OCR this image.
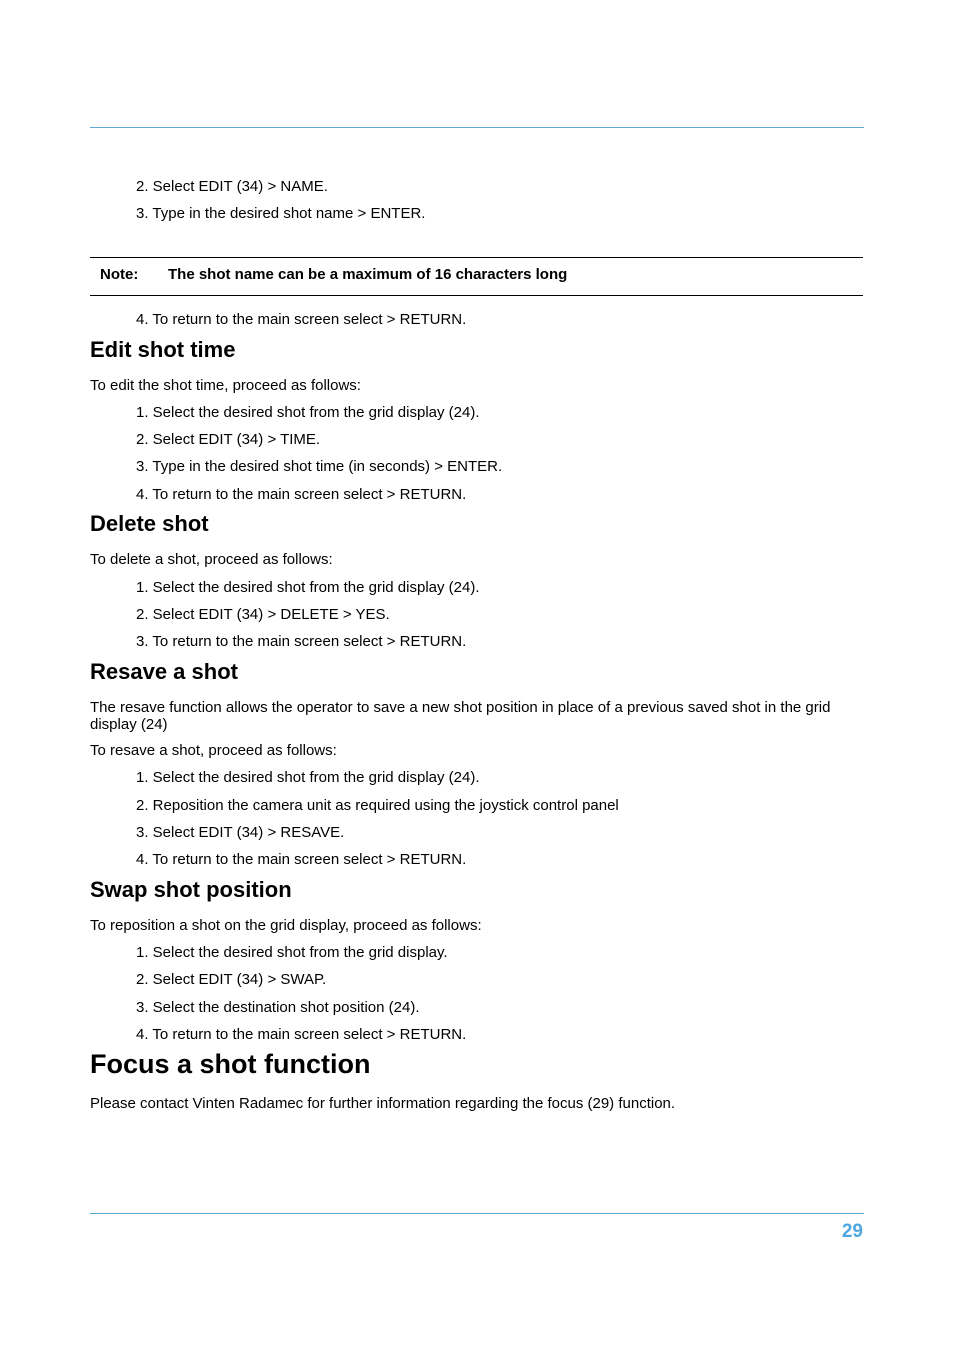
2. Select EDIT (34) > NAME.
3. Type in the desired shot name > ENTER.
Note: The shot name can be a maximum of 16 characters long
4. To return to the main screen select > RETURN.
Edit shot time
To edit the shot time, proceed as follows:
1. Select the desired shot from the grid display (24).
2. Select EDIT (34) > TIME.
3. Type in the desired shot time (in seconds) > ENTER.
4. To return to the main screen select > RETURN.
Delete shot
To delete a shot, proceed as follows:
1. Select the desired shot from the grid display (24).
2. Select EDIT (34) > DELETE > YES.
3. To return to the main screen select > RETURN.
Resave a shot
The resave function allows the operator to save a new shot position in place of a previous saved shot in the grid display (24)
To resave a shot, proceed as follows:
1. Select the desired shot from the grid display (24).
2. Reposition the camera unit as required using the joystick control panel
3. Select EDIT (34) > RESAVE.
4. To return to the main screen select > RETURN.
Swap shot position
To reposition a shot on the grid display, proceed as follows:
1. Select the desired shot from the grid display.
2. Select EDIT (34) > SWAP.
3. Select the destination shot position (24).
4. To return to the main screen select > RETURN.
Focus a shot function
Please contact Vinten Radamec for further information regarding the focus (29) function.
29
